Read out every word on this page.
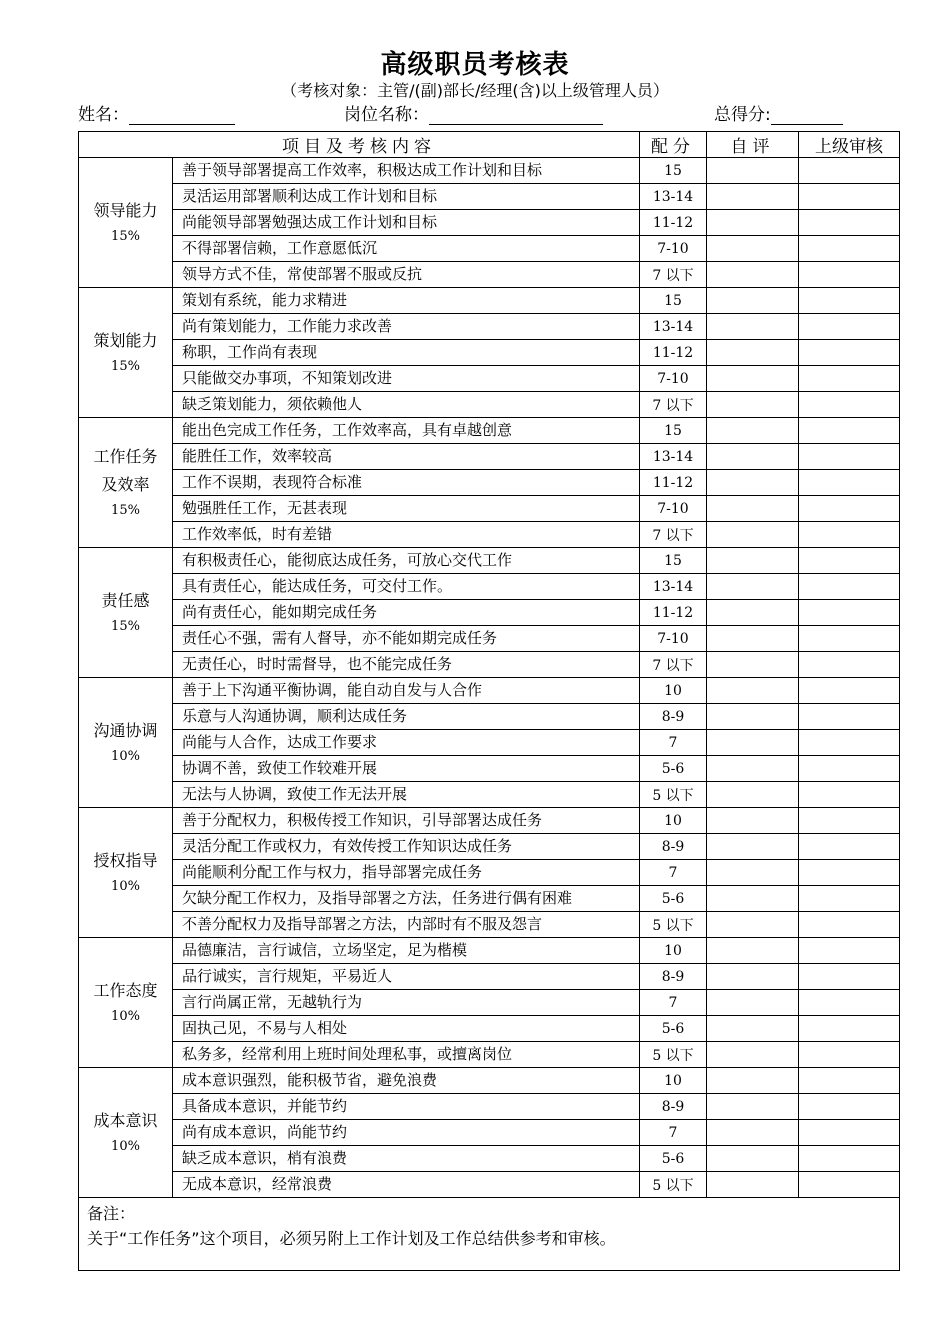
高级职员考核表
（考核对象：主管/(副)部长/经理(含)以上级管理人员）
姓名：	岗位名称：	总得分:
项目及考核内容		配分	自评	上级审核

领导能力
15%	善于领导部署提高工作效率，积极达成工作计划和目标	15		
	灵活运用部署顺利达成工作计划和目标	13-14		
	尚能领导部署勉强达成工作计划和目标	11-12		
	不得部署信赖，工作意愿低沉	7-10		
	领导方式不佳，常使部署不服或反抗	7 以下		

策划能力
15%	策划有系统，能力求精进	15		
	尚有策划能力，工作能力求改善	13-14		
	称职，工作尚有表现	11-12		
	只能做交办事项，不知策划改进	7-10		
	缺乏策划能力，须依赖他人	7 以下		

工作任务
及效率
15%	能出色完成工作任务，工作效率高，具有卓越创意	15		
	能胜任工作，效率较高	13-14		
	工作不误期，表现符合标准	11-12		
	勉强胜任工作，无甚表现	7-10		
	工作效率低，时有差错	7 以下		

责任感
15%	有积极责任心，能彻底达成任务，可放心交代工作	15		
	具有责任心，能达成任务，可交付工作。	13-14		
	尚有责任心，能如期完成任务	11-12		
	责任心不强，需有人督导，亦不能如期完成任务	7-10		
	无责任心，时时需督导，也不能完成任务	7 以下		

沟通协调
10%	善于上下沟通平衡协调，能自动自发与人合作	10		
	乐意与人沟通协调，顺利达成任务	8-9		
	尚能与人合作，达成工作要求	7		
	协调不善，致使工作较难开展	5-6		
	无法与人协调，致使工作无法开展	5 以下		

授权指导
10%	善于分配权力，积极传授工作知识，引导部署达成任务	10		
	灵活分配工作或权力，有效传授工作知识达成任务	8-9		
	尚能顺利分配工作与权力，指导部署完成任务	7		
	欠缺分配工作权力，及指导部署之方法，任务进行偶有困难	5-6		
	不善分配权力及指导部署之方法，内部时有不服及怨言	5 以下		

工作态度
10%	品德廉洁，言行诚信，立场坚定，足为楷模	10		
	品行诚实，言行规矩，平易近人	8-9		
	言行尚属正常，无越轨行为	7		
	固执己见，不易与人相处	5-6		
	私务多，经常利用上班时间处理私事，或擅离岗位	5 以下		

成本意识
10%	成本意识强烈，能积极节省，避免浪费	10		
	具备成本意识，并能节约	8-9		
	尚有成本意识，尚能节约	7		
	缺乏成本意识，梢有浪费	5-6		
	无成本意识，经常浪费	5 以下		

备注：
关于“工作任务”这个项目，必须另附上工作计划及工作总结供参考和审核。				
